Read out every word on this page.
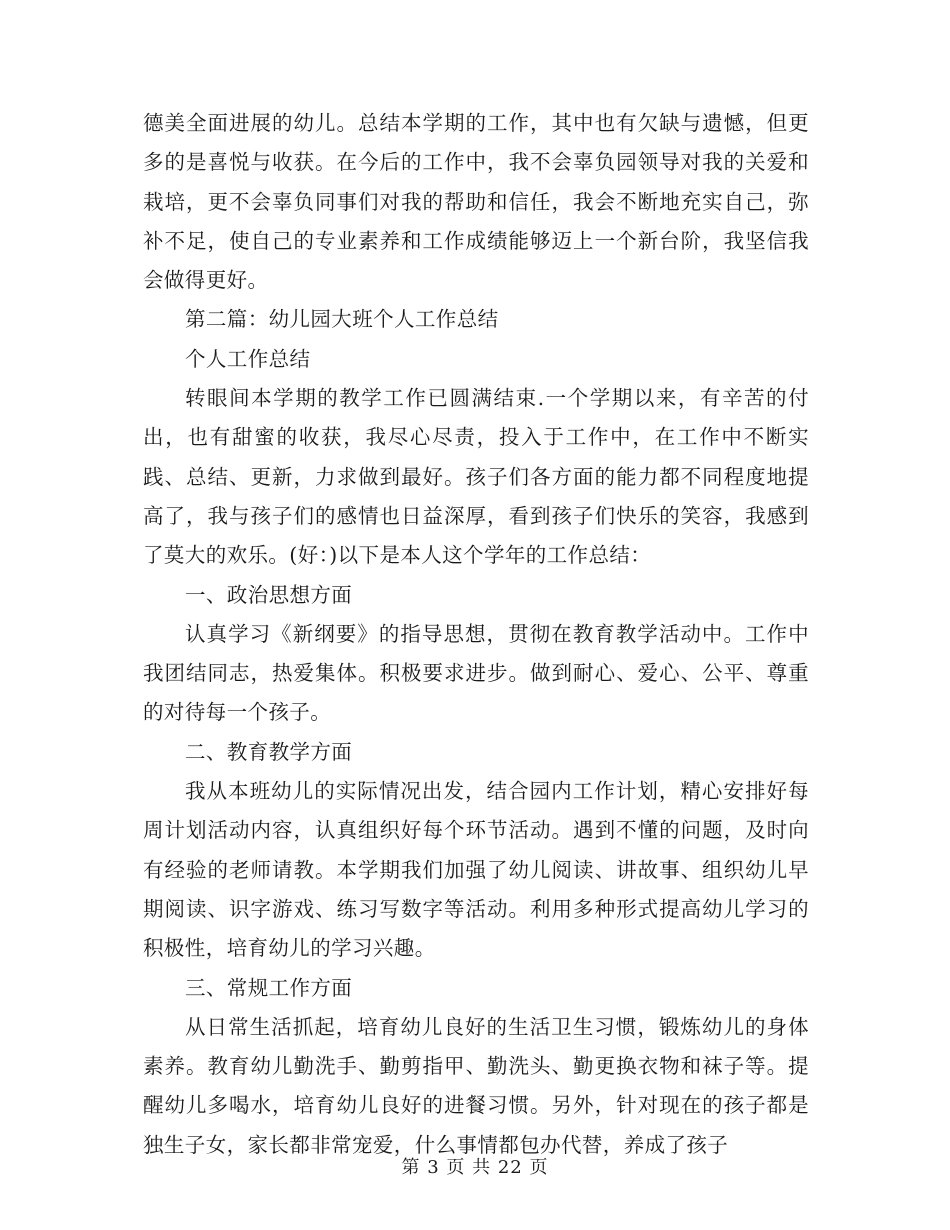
德美全面进展的幼儿。总结本学期的工作，其中也有欠缺与遗憾，但更多的是喜悦与收获。在今后的工作中，我不会辜负园领导对我的关爱和栽培，更不会辜负同事们对我的帮助和信任，我会不断地充实自己，弥补不足，使自己的专业素养和工作成绩能够迈上一个新台阶，我坚信我会做得更好。

第二篇：幼儿园大班个人工作总结

个人工作总结

转眼间本学期的教学工作已圆满结束.一个学期以来，有辛苦的付出，也有甜蜜的收获，我尽心尽责，投入于工作中，在工作中不断实践、总结、更新，力求做到最好。孩子们各方面的能力都不同程度地提高了，我与孩子们的感情也日益深厚，看到孩子们快乐的笑容，我感到了莫大的欢乐。(好：)以下是本人这个学年的工作总结：

一、政治思想方面

认真学习《新纲要》的指导思想，贯彻在教育教学活动中。工作中我团结同志，热爱集体。积极要求进步。做到耐心、爱心、公平、尊重的对待每一个孩子。

二、教育教学方面

我从本班幼儿的实际情况出发，结合园内工作计划，精心安排好每周计划活动内容，认真组织好每个环节活动。遇到不懂的问题，及时向有经验的老师请教。本学期我们加强了幼儿阅读、讲故事、组织幼儿早期阅读、识字游戏、练习写数字等活动。利用多种形式提高幼儿学习的积极性，培育幼儿的学习兴趣。

三、常规工作方面

从日常生活抓起，培育幼儿良好的生活卫生习惯，锻炼幼儿的身体素养。教育幼儿勤洗手、勤剪指甲、勤洗头、勤更换衣物和袜子等。提醒幼儿多喝水，培育幼儿良好的进餐习惯。另外，针对现在的孩子都是独生子女，家长都非常宠爱，什么事情都包办代替，养成了孩子

第 3 页 共 22 页
